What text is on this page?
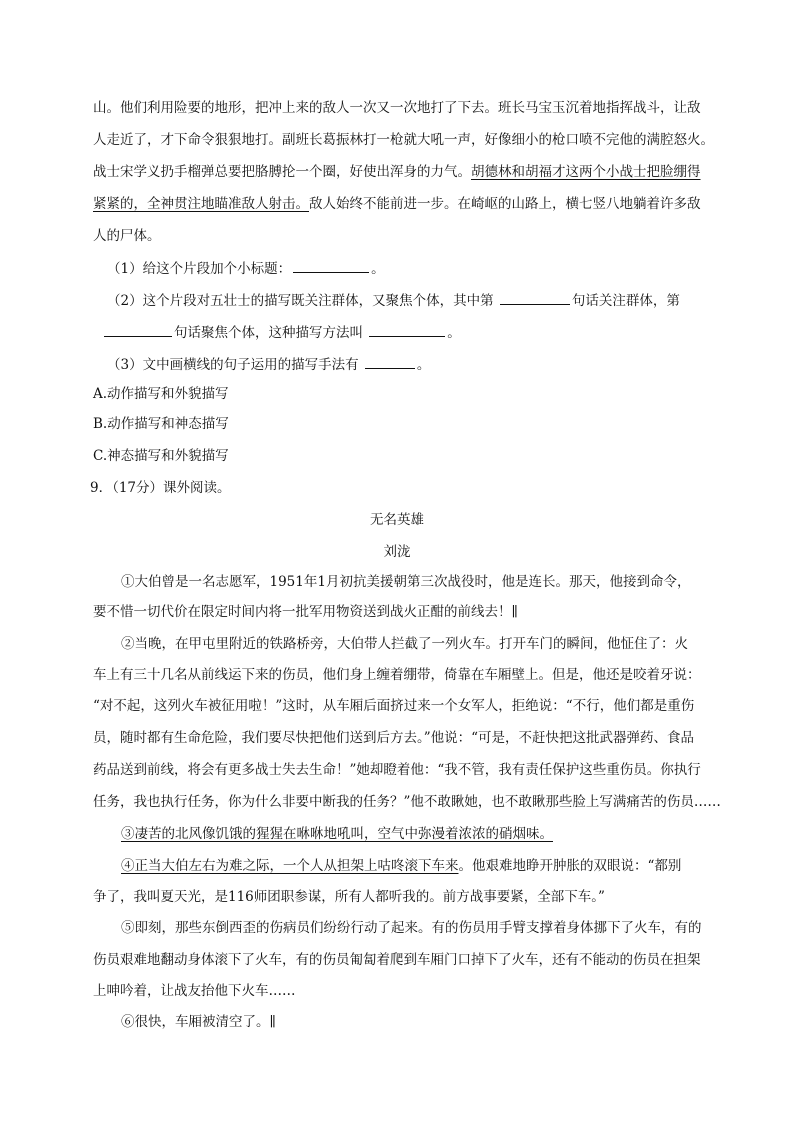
山。他们利用险要的地形，把冲上来的敌人一次又一次地打了下去。班长马宝玉沉着地指挥战斗，让敌
人走近了，才下命令狠狠地打。副班长葛振林打一枪就大吼一声，好像细小的枪口喷不完他的满腔怒火。
战士宋学义扔手榴弹总要把胳膊抡一个圈，好使出浑身的力气。胡德林和胡福才这两个小战士把脸绷得
紧紧的，全神贯注地瞄准敌人射击。敌人始终不能前进一步。在崎岖的山路上，横七竖八地躺着许多敌
人的尸体。
（1）给这个片段加个小标题：	。
（2）这个片段对五壮士的描写既关注群体，又聚焦个体，其中第	句话关注群体，第
句话聚焦个体，这种描写方法叫	。
（3）文中画横线的句子运用的描写手法有	。
A.动作描写和外貌描写
B.动作描写和神态描写
C.神态描写和外貌描写
9．（17分）课外阅读。
无名英雄
刘泷
①大伯曾是一名志愿军，1951年1月初抗美援朝第三次战役时，他是连长。那天，他接到命令，
要不惜一切代价在限定时间内将一批军用物资送到战火正酣的前线去！∥
②当晚，在甲屯里附近的铁路桥旁，大伯带人拦截了一列火车。打开车门的瞬间，他怔住了：火
车上有三十几名从前线运下来的伤员，他们身上缠着绷带，倚靠在车厢壁上。但是，他还是咬着牙说：
“对不起，这列火车被征用啦！”这时，从车厢后面挤过来一个女军人，拒绝说：“不行，他们都是重伤
员，随时都有生命危险，我们要尽快把他们送到后方去。”他说：“可是，不赶快把这批武器弹药、食品
药品送到前线，将会有更多战士失去生命！”她却瞪着他：“我不管，我有责任保护这些重伤员。你执行
任务，我也执行任务，你为什么非要中断我的任务？”他不敢瞅她，也不敢瞅那些脸上写满痛苦的伤员……
③凄苦的北风像饥饿的猩猩在咻咻地吼叫，空气中弥漫着浓浓的硝烟味。
④正当大伯左右为难之际，一个人从担架上咕咚滚下车来。他艰难地睁开肿胀的双眼说：“都别
争了，我叫夏天光，是116师团职参谋，所有人都听我的。前方战事要紧，全部下车。”
⑤即刻，那些东倒西歪的伤病员们纷纷行动了起来。有的伤员用手臂支撑着身体挪下了火车，有的
伤员艰难地翻动身体滚下了火车，有的伤员匍匐着爬到车厢门口掉下了火车，还有不能动的伤员在担架
上呻吟着，让战友抬他下火车……
⑥很快，车厢被清空了。∥
